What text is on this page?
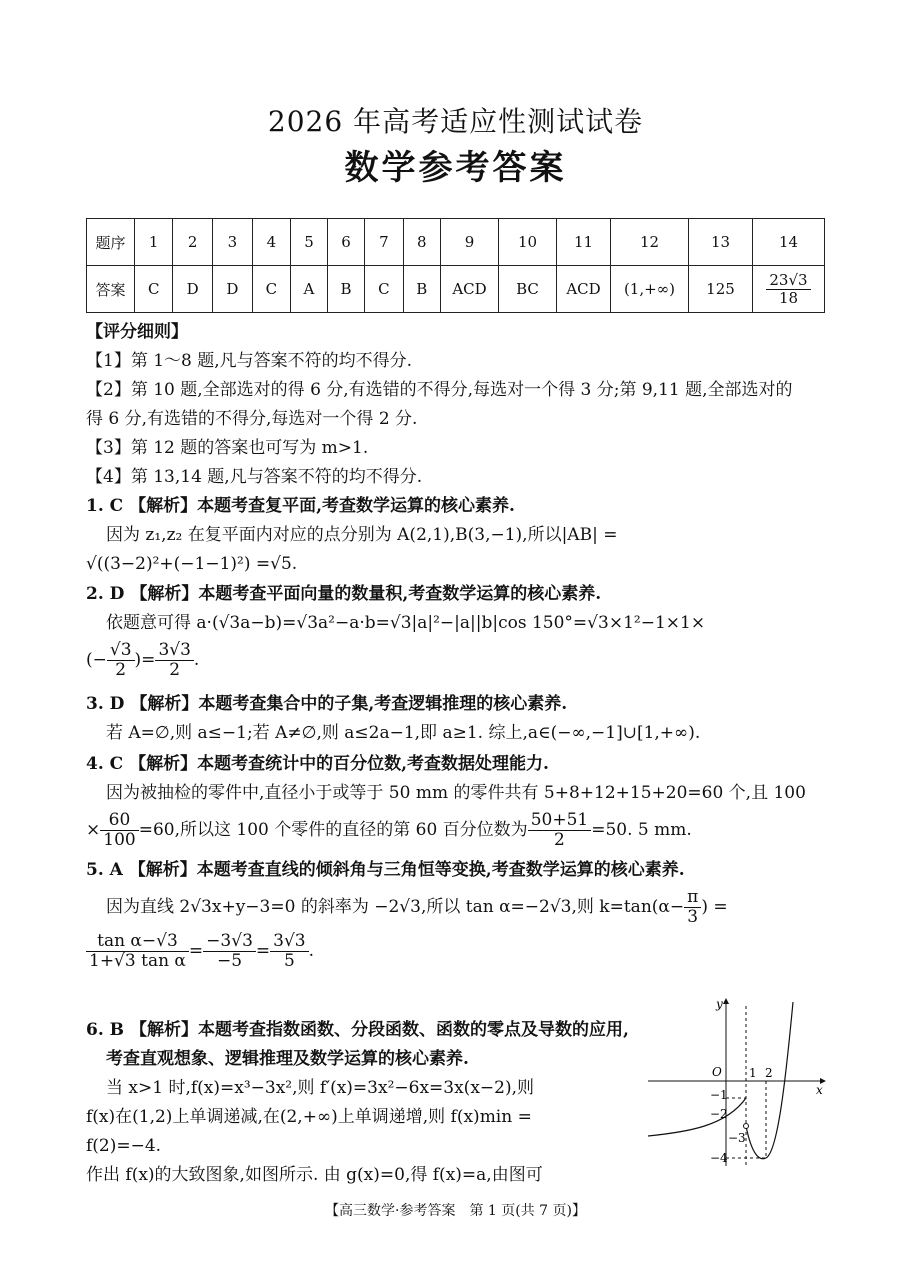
2026 年高考适应性测试试卷
数学参考答案
题序	1	2	3	4	5	6	7	8	9	10	11	12	13	14
答案	C	D	D	C	A	B	C	B	ACD	BC	ACD	(1,+∞)	125	$\frac{23√3}{18}$
【评分细则】
【1】第 1～8 题,凡与答案不符的均不得分.
【2】第 10 题,全部选对的得 6 分,有选错的不得分,每选对一个得 3 分;第 9,11 题,全部选对的
得 6 分,有选错的不得分,每选对一个得 2 分.
【3】第 12 题的答案也可写为 m>1.
【4】第 13,14 题,凡与答案不符的均不得分.
1. C 【解析】本题考查复平面,考查数学运算的核心素养.
因为 z₁,z₂ 在复平面内对应的点分别为 A(2,1),B(3,−1),所以|AB| =
√((3−2)²+(−1−1)²) =√5.
2. D 【解析】本题考查平面向量的数量积,考查数学运算的核心素养.
依题意可得 a·(√3a−b)=√3a²−a·b=√3|a|²−|a||b|cos 150°=√3×1²−1×1×
(− $\frac{√3}{2}$ )= $\frac{3√3}{2}$ .
3. D 【解析】本题考查集合中的子集,考查逻辑推理的核心素养.
若 A=∅,则 a≤−1;若 A≠∅,则 a≤2a−1,即 a≥1. 综上,a∈(−∞,−1]∪[1,+∞).
4. C 【解析】本题考查统计中的百分位数,考查数据处理能力.
因为被抽检的零件中,直径小于或等于 50 mm 的零件共有 5+8+12+15+20=60 个,且 100
× $\frac{60}{100} =60$,所以这 100 个零件的直径的第 60 百分位数为 $\frac{50+51}{2} =50$. 5 mm.
5. A 【解析】本题考查直线的倾斜角与三角恒等变换,考查数学运算的核心素养.
因为直线 2√3x+y−3=0 的斜率为 −2√3,所以 tan α=−2√3,则 $k=\tan(\alpha- \frac{\pi}{3}$ ) =
$\frac{\text{tan α−√3}}{\text{1+√3 tan α}} = \frac{-3√3}{-5} = \frac{3√3}{5}$ .
6. B 【解析】本题考查指数函数、分段函数、函数的零点及导数的应用,
考查直观想象、逻辑推理及数学运算的核心素养.
当 x>1 时,f(x)=x³−3x²,则 f′(x)=3x²−6x=3x(x−2),则
f(x)在(1,2)上单调递减,在(2,+∞)上单调递增,则 f(x)min =
f(2)=−4.
作出 f(x)的大致图象,如图所示. 由 g(x)=0,得 f(x)=a,由图可
y
x
O 1 2
−1
−2
−3
−4
【高三数学·参考答案　第 1 页(共 7 页)】
